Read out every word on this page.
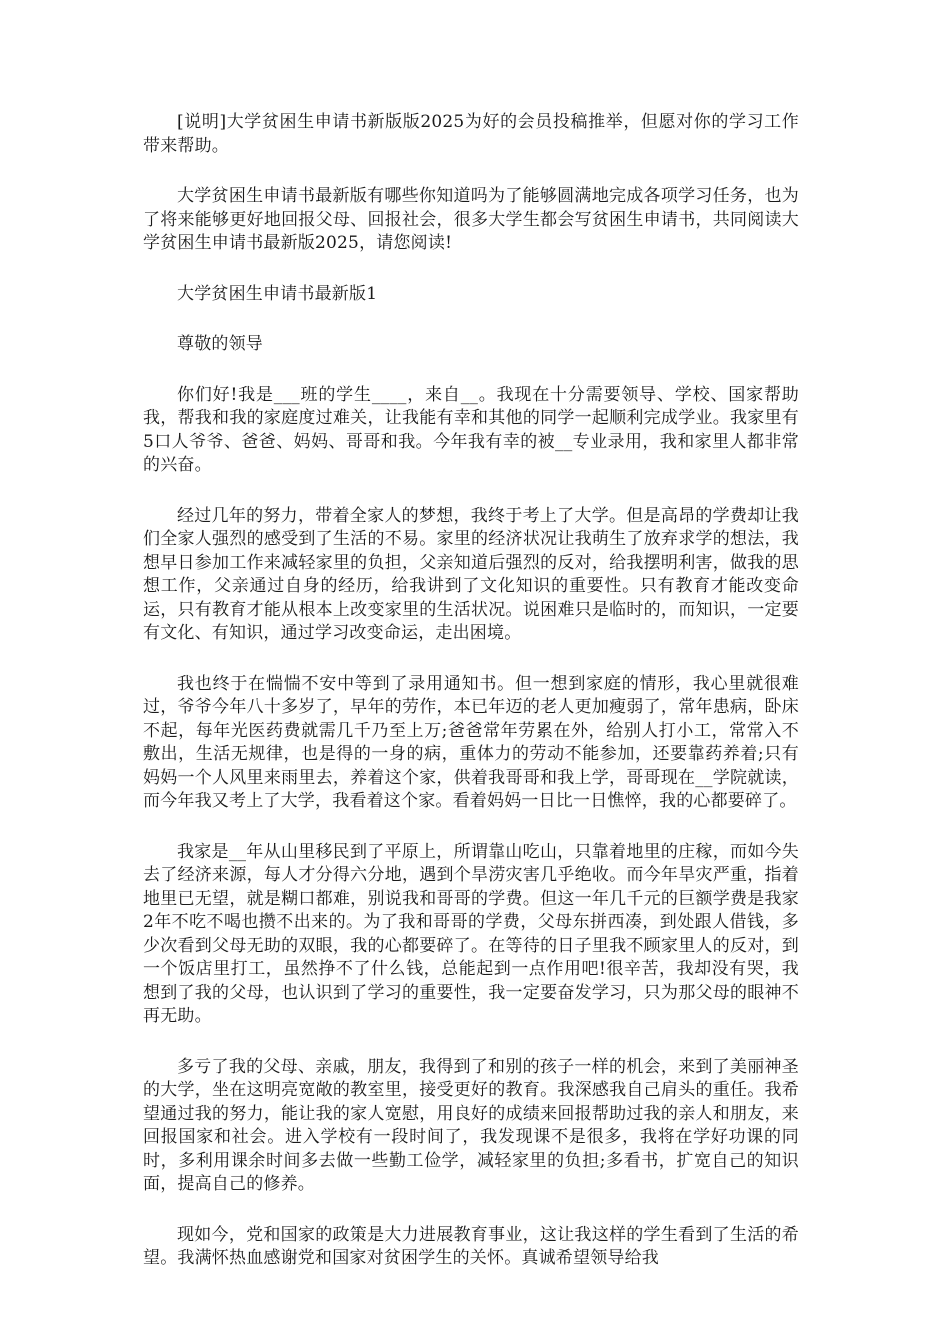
[说明]大学贫困生申请书新版版2025为好的会员投稿推举，但愿对你的学习工作带来帮助。

大学贫困生申请书最新版有哪些你知道吗为了能够圆满地完成各项学习任务，也为了将来能够更好地回报父母、回报社会，很多大学生都会写贫困生申请书，共同阅读大学贫困生申请书最新版2025，请您阅读!

大学贫困生申请书最新版1

尊敬的领导

你们好!我是___班的学生____，来自__。我现在十分需要领导、学校、国家帮助我，帮我和我的家庭度过难关，让我能有幸和其他的同学一起顺利完成学业。我家里有5口人爷爷、爸爸、妈妈、哥哥和我。今年我有幸的被__专业录用，我和家里人都非常的兴奋。

经过几年的努力，带着全家人的梦想，我终于考上了大学。但是高昂的学费却让我们全家人强烈的感受到了生活的不易。家里的经济状况让我萌生了放弃求学的想法，我想早日参加工作来减轻家里的负担，父亲知道后强烈的反对，给我摆明利害，做我的思想工作，父亲通过自身的经历，给我讲到了文化知识的重要性。只有教育才能改变命运，只有教育才能从根本上改变家里的生活状况。说困难只是临时的，而知识，一定要有文化、有知识，通过学习改变命运，走出困境。

我也终于在惴惴不安中等到了录用通知书。但一想到家庭的情形，我心里就很难过，爷爷今年八十多岁了，早年的劳作，本已年迈的老人更加瘦弱了，常年患病，卧床不起，每年光医药费就需几千乃至上万;爸爸常年劳累在外，给别人打小工，常常入不敷出，生活无规律，也是得的一身的病，重体力的劳动不能参加，还要靠药养着;只有妈妈一个人风里来雨里去，养着这个家，供着我哥哥和我上学，哥哥现在__学院就读，而今年我又考上了大学，我看着这个家。看着妈妈一日比一日憔悴，我的心都要碎了。

我家是__年从山里移民到了平原上，所谓靠山吃山，只靠着地里的庄稼，而如今失去了经济来源，每人才分得六分地，遇到个旱涝灾害几乎绝收。而今年旱灾严重，指着地里已无望，就是糊口都难，别说我和哥哥的学费。但这一年几千元的巨额学费是我家2年不吃不喝也攒不出来的。为了我和哥哥的学费，父母东拼西凑，到处跟人借钱，多少次看到父母无助的双眼，我的心都要碎了。在等待的日子里我不顾家里人的反对，到一个饭店里打工，虽然挣不了什么钱，总能起到一点作用吧!很辛苦，我却没有哭，我想到了我的父母，也认识到了学习的重要性，我一定要奋发学习，只为那父母的眼神不再无助。

多亏了我的父母、亲戚，朋友，我得到了和别的孩子一样的机会，来到了美丽神圣的大学，坐在这明亮宽敞的教室里，接受更好的教育。我深感我自己肩头的重任。我希望通过我的努力，能让我的家人宽慰，用良好的成绩来回报帮助过我的亲人和朋友，来回报国家和社会。进入学校有一段时间了，我发现课不是很多，我将在学好功课的同时，多利用课余时间多去做一些勤工俭学，减轻家里的负担;多看书，扩宽自己的知识面，提高自己的修养。

现如今，党和国家的政策是大力进展教育事业，这让我这样的学生看到了生活的希望。我满怀热血感谢党和国家对贫困学生的关怀。真诚希望领导给我
